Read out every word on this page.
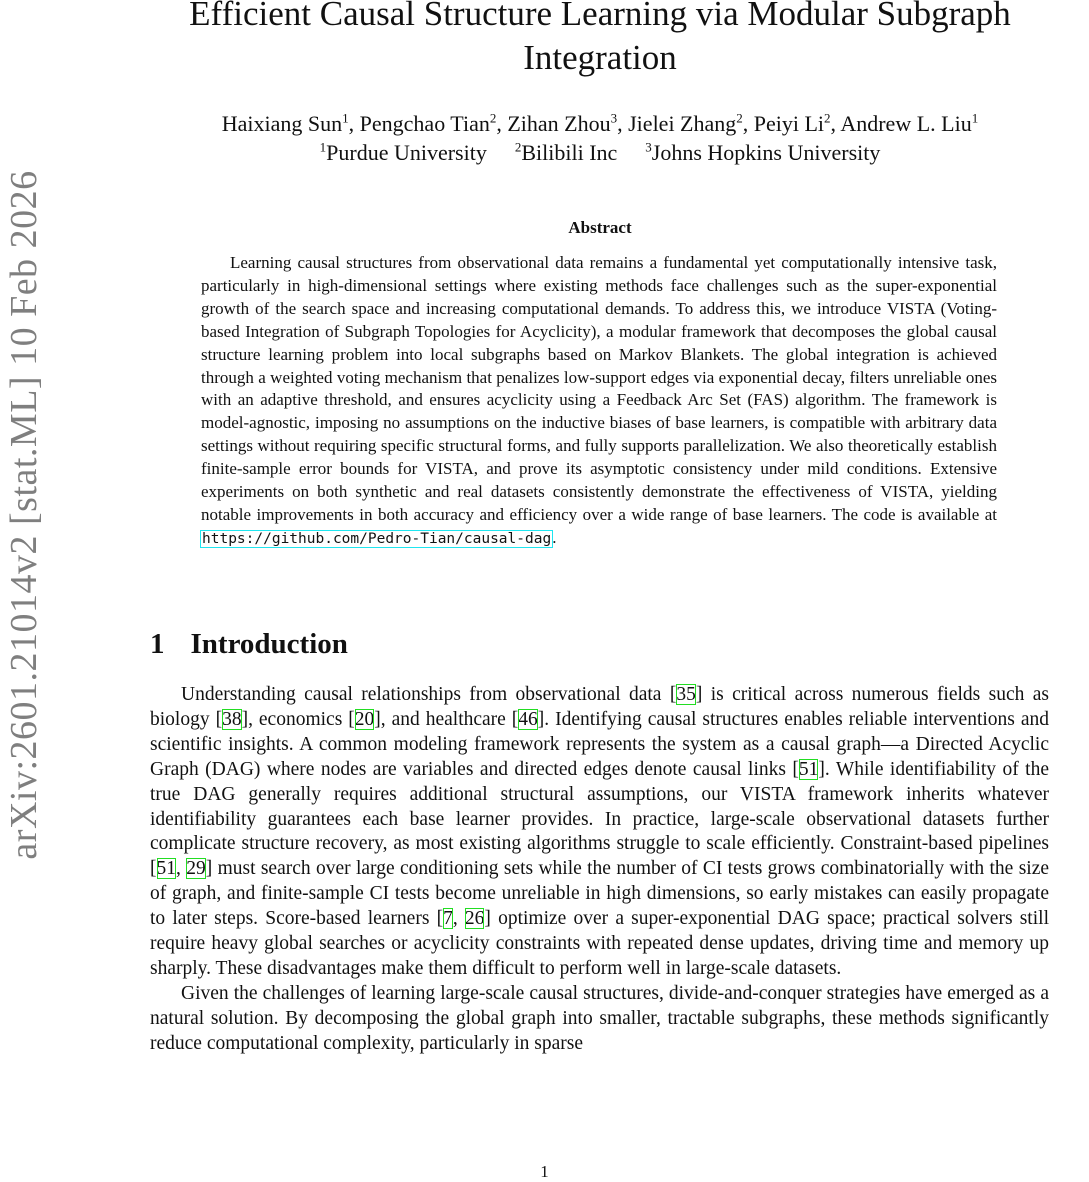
arXiv:2601.21014v2 [stat.ML] 10 Feb 2026
Efficient Causal Structure Learning via Modular Subgraph Integration
Haixiang Sun$^1$, Pengchao Tian$^2$, Zihan Zhou$^3$, Jielei Zhang$^2$, Peiyi Li$^2$, Andrew L. Liu$^1$
$^1$Purdue University $^2$Bilibili Inc $^3$Johns Hopkins University
Abstract

Learning causal structures from observational data remains a fundamental yet computationally intensive task, particularly in high-dimensional settings where existing methods face challenges such as the super-exponential growth of the search space and increasing computational demands. To address this, we introduce VISTA (Voting-based Integration of Subgraph Topologies for Acyclicity), a modular framework that decomposes the global causal structure learning problem into local subgraphs based on Markov Blankets. The global integration is achieved through a weighted voting mechanism that penalizes low-support edges via exponential decay, filters unreliable ones with an adaptive threshold, and ensures acyclicity using a Feedback Arc Set (FAS) algorithm. The framework is model-agnostic, imposing no assumptions on the inductive biases of base learners, is compatible with arbitrary data settings without requiring specific structural forms, and fully supports parallelization. We also theoretically establish finite-sample error bounds for VISTA, and prove its asymptotic consistency under mild conditions. Extensive experiments on both synthetic and real datasets consistently demonstrate the effectiveness of VISTA, yielding notable improvements in both accuracy and efficiency over a wide range of base learners. The code is available at https://github.com/Pedro-Tian/causal-dag.

1 Introduction

Understanding causal relationships from observational data [35] is critical across numerous fields such as biology [38], economics [20], and healthcare [46]. Identifying causal structures enables reliable interventions and scientific insights. A common modeling framework represents the system as a causal graph—a Directed Acyclic Graph (DAG) where nodes are variables and directed edges denote causal links [51]. While identifiability of the true DAG generally requires additional structural assumptions, our VISTA framework inherits whatever identifiability guarantees each base learner provides. In practice, large-scale observational datasets further complicate structure recovery, as most existing algorithms struggle to scale efficiently. Constraint-based pipelines [51, 29] must search over large conditioning sets while the number of CI tests grows combinatorially with the size of graph, and finite-sample CI tests become unreliable in high dimensions, so early mistakes can easily propagate to later steps. Score-based learners [7, 26] optimize over a super-exponential DAG space; practical solvers still require heavy global searches or acyclicity constraints with repeated dense updates, driving time and memory up sharply. These disadvantages make them difficult to perform well in large-scale datasets.

Given the challenges of learning large-scale causal structures, divide-and-conquer strategies have emerged as a natural solution. By decomposing the global graph into smaller, tractable subgraphs, these methods significantly reduce computational complexity, particularly in sparse

1
